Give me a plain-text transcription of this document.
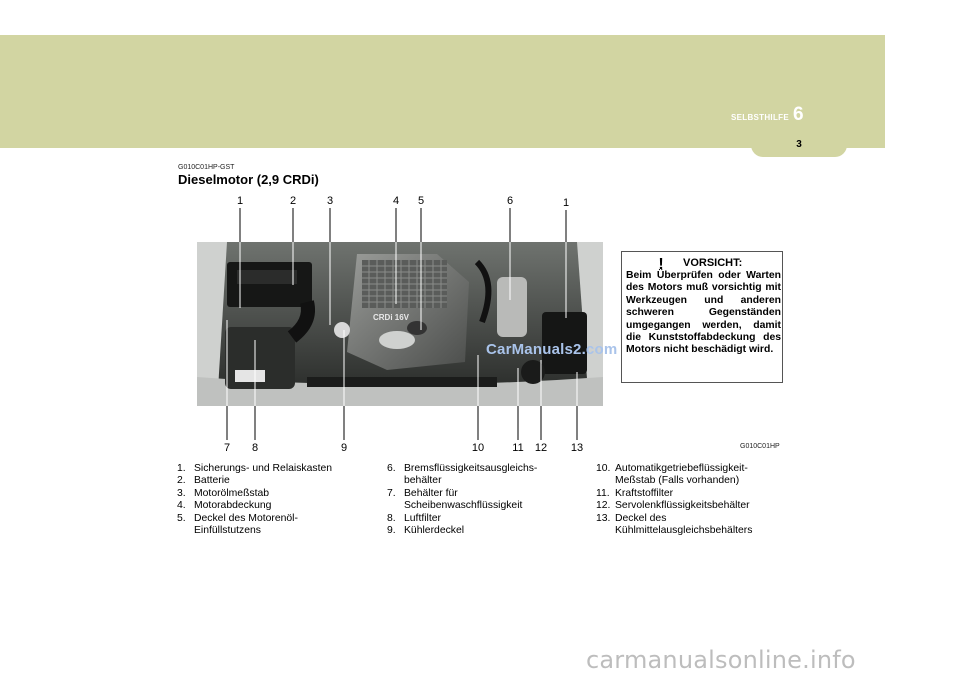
SELBSTHILFE 6
3
G010C01HP-GST
Dieselmotor (2,9 CRDi)
1	2	3	4	5	6	1
7	8	9	10	11	12	13
CRDi 16V
CarManuals2.com
G010C01HP
! VORSICHT:
Beim Überprüfen oder Warten des Motors muß vorsichtig mit Werkzeugen und anderen schweren Gegenständen umgegangen werden, damit die Kunststoffabdeckung des Motors nicht beschädigt wird.
1. Sicherungs- und Relaiskasten
2. Batterie
3. Motorölmeßstab
4. Motorabdeckung
5. Deckel des Motorenöl- Einfüllstutzens
6. Bremsflüssigkeitsausgleichs- behälter
7. Behälter für Scheibenwaschflüssigkeit
8. Luftfilter
9. Kühlerdeckel
10. Automatikgetriebeflüssigkeit- Meßstab (Falls vorhanden)
11. Kraftstoffilter
12. Servolenkflüssigkeitsbehälter
13. Deckel des Kühlmittelausgleichsbehälters
carmanualsonline.info
